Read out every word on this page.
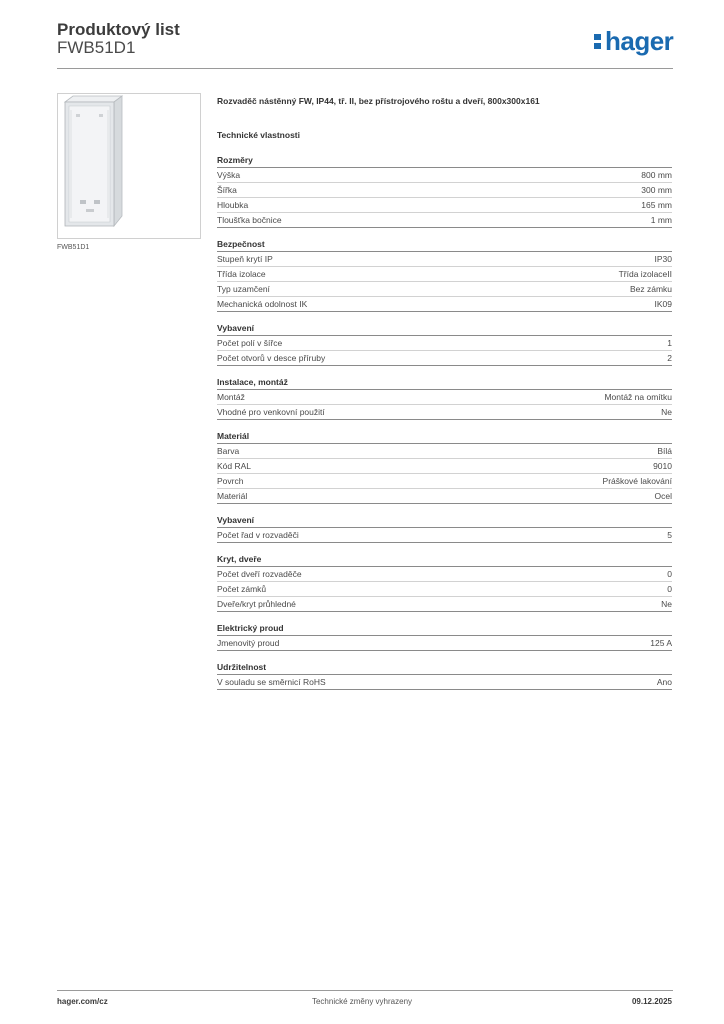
Produktový list
FWB51D1	hager
FWB51D1
Rozvaděč nástěnný FW, IP44, tř. II, bez přístrojového roštu a dveří, 800x300x161
Technické vlastnosti
Rozměry
Výška	800 mm
Šířka	300 mm
Hloubka	165 mm
Tloušťka bočnice	1 mm
Bezpečnost
Stupeň krytí IP	IP30
Třída izolace	Třída izolaceII
Typ uzamčení	Bez zámku
Mechanická odolnost IK	IK09
Vybavení
Počet polí v šířce	1
Počet otvorů v desce příruby	2
Instalace, montáž
Montáž	Montáž na omítku
Vhodné pro venkovní použití	Ne
Materiál
Barva	Bílá
Kód RAL	9010
Povrch	Práškové lakování
Materiál	Ocel
Vybavení
Počet řad v rozvaděči	5
Kryt, dveře
Počet dveří rozvaděče	0
Počet zámků	0
Dveře/kryt průhledné	Ne
Elektrický proud
Jmenovitý proud	125 A
Udržitelnost
V souladu se směrnicí RoHS	Ano
hager.com/cz	Technické změny vyhrazeny	09.12.2025
